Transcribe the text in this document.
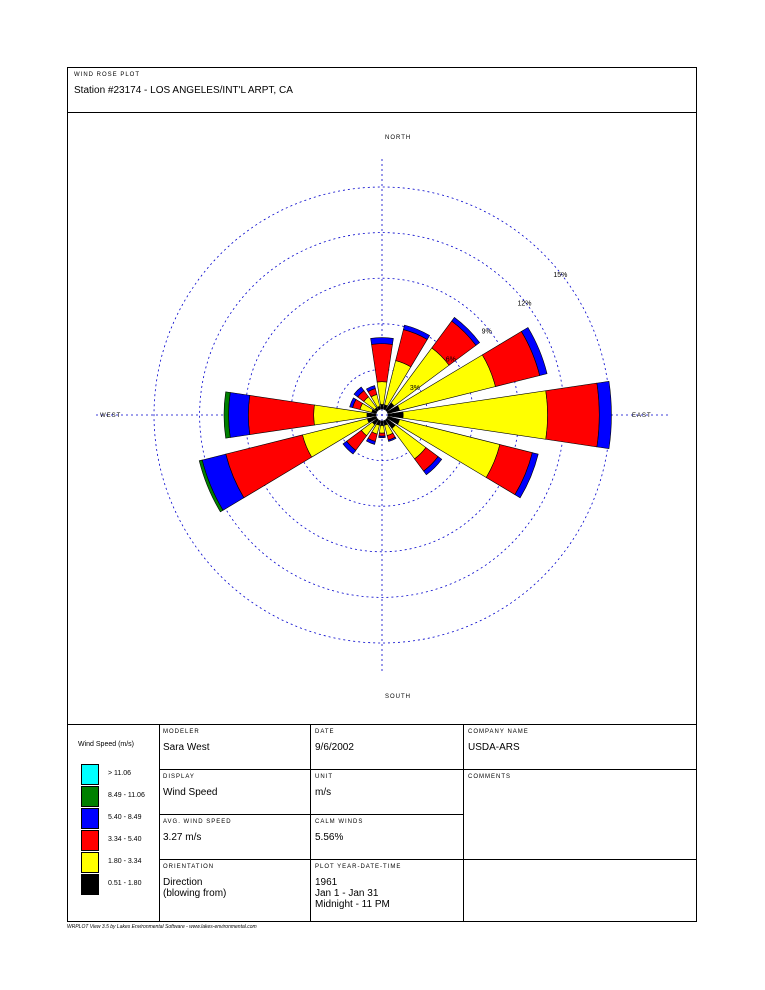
WIND ROSE PLOT
Station #23174 - LOS ANGELES/INT'L ARPT, CA
3%
6%
9%
12%
15%
NORTH
EAST
SOUTH
WEST
Wind Speed (m/s)
> 11.06
8.49 - 11.06
5.40 - 8.49
3.34 - 5.40
1.80 - 3.34
0.51 - 1.80
MODELER
Sara West
DATE
9/6/2002
COMPANY NAME
USDA-ARS
DISPLAY
Wind Speed
UNIT
m/s
COMMENTS
AVG. WIND SPEED
3.27 m/s
CALM WINDS
5.56%
ORIENTATION
Direction
(blowing from)
PLOT YEAR-DATE-TIME
1961
Jan 1 - Jan 31
Midnight - 11 PM
WRPLOT View 3.5 by Lakes Environmental Software - www.lakes-environmental.com
